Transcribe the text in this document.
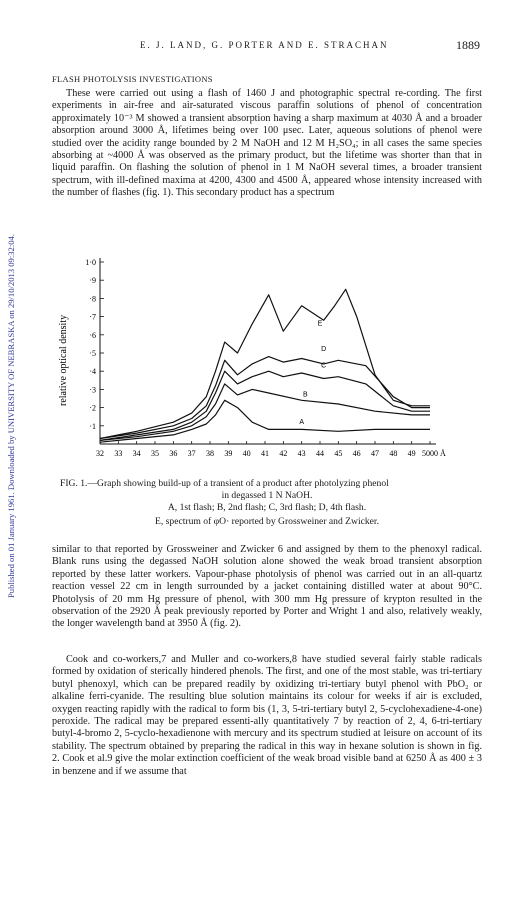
Published on 01 January 1961. Downloaded by UNIVERSITY OF NEBRASKA on 29/10/2013 09:32:04.
E. J. LAND, G. PORTER AND E. STRACHAN	1889
FLASH PHOTOLYSIS INVESTIGATIONS
These were carried out using a flash of 1460 J and photographic spectral re-cording. The first experiments in air-free and air-saturated viscous paraffin solutions of phenol of concentration approximately 10⁻³ M showed a transient absorption having a sharp maximum at 4030 Å and a broader absorption around 3000 Å, lifetimes being over 100 μsec. Later, aqueous solutions of phenol were studied over the acidity range bounded by 2 M NaOH and 12 M H₂SO₄; in all cases the same species absorbing at ~4000 Å was observed as the primary product, but the lifetime was shorter than that in liquid paraffin. On flashing the solution of phenol in 1 M NaOH several times, a broader transient spectrum, with ill-defined maxima at 4200, 4300 and 4500 Å, appeared whose intensity increased with the number of flashes (fig. 1). This secondary product has a spectrum
·1
·2
·3
·4
·5
·6
·7
·8
·9
1·0
32 33 34 35 36 37 38 39 40 41 42 43 44 45 46 47 48 49 5000 Å
A
B
C
D
E
relative optical density
FIG. 1.—Graph showing build-up of a transient of a product after photolyzing phenol
in degassed 1 N NaOH.
A, 1st flash; B, 2nd flash; C, 3rd flash; D, 4th flash.
E, spectrum of φO· reported by Grossweiner and Zwicker.
similar to that reported by Grossweiner and Zwicker 6 and assigned by them to the phenoxyl radical. Blank runs using the degassed NaOH solution alone showed the weak broad transient absorption reported by these latter workers. Vapour-phase photolysis of phenol was carried out in an all-quartz reaction vessel 22 cm in length surrounded by a jacket containing distilled water at about 90°C. Photolysis of 20 mm Hg pressure of phenol, with 300 mm Hg pressure of krypton resulted in the observation of the 2920 Å peak previously reported by Porter and Wright 1 and also, relatively weakly, the longer wavelength band at 3950 Å (fig. 2).
Cook and co-workers,7 and Muller and co-workers,8 have studied several fairly stable radicals formed by oxidation of sterically hindered phenols. The first, and one of the most stable, was tri-tertiary butyl phenoxyl, which can be prepared readily by oxidizing tri-tertiary butyl phenol with PbO₂ or alkaline ferri-cyanide. The resulting blue solution maintains its colour for weeks if air is excluded, oxygen reacting rapidly with the radical to form bis (1, 3, 5-tri-tertiary butyl 2, 5-cyclohexadiene-4-one) peroxide. The radical may be prepared essenti-ally quantitatively 7 by reaction of 2, 4, 6-tri-tertiary butyl-4-bromo 2, 5-cyclo-hexadienone with mercury and its spectrum studied at leisure on account of its stability. The spectrum obtained by preparing the radical in this way in hexane solution is shown in fig. 2. Cook et al.9 give the molar extinction coefficient of the weak broad visible band at 6250 Å as 400 ± 3 in benzene and if we assume that
